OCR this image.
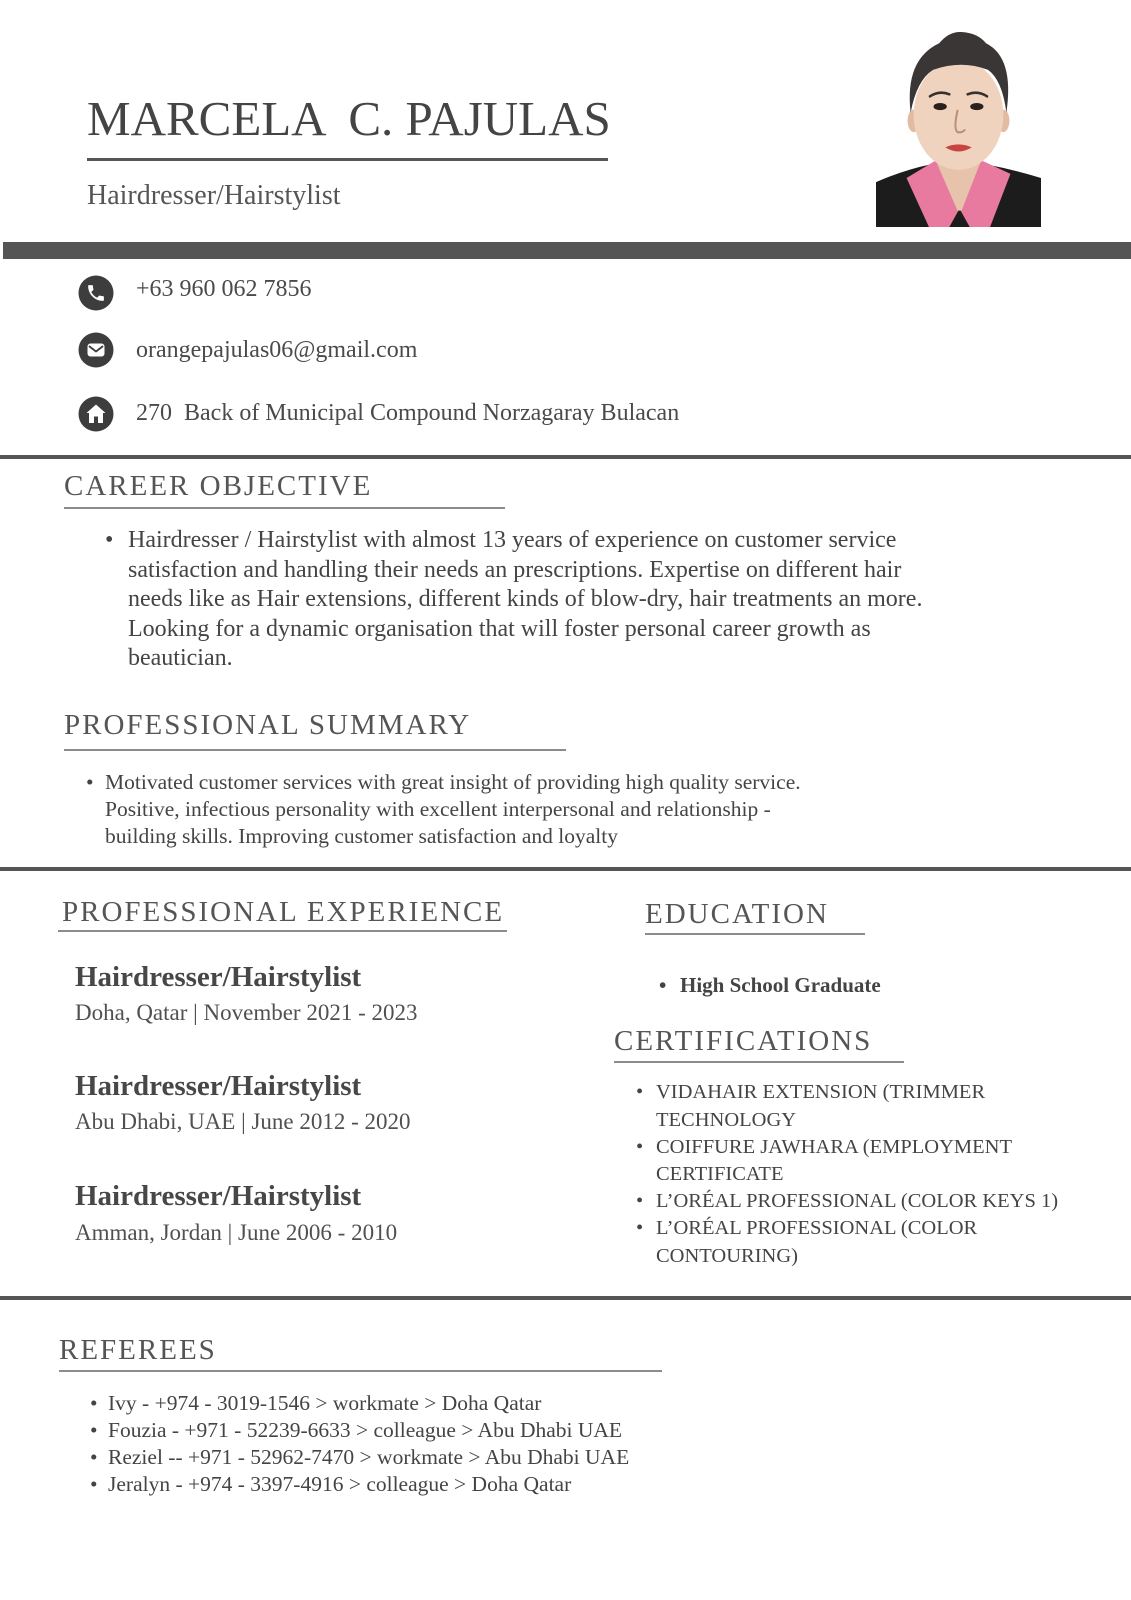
MARCELA  C. PAJULAS
Hairdresser/Hairstylist
+63 960 062 7856
orangepajulas06@gmail.com
270  Back of Municipal Compound Norzagaray Bulacan
CAREER OBJECTIVE
• Hairdresser / Hairstylist with almost 13 years of experience on customer service
satisfaction and handling their needs an prescriptions. Expertise on different hair
needs like as Hair extensions, different kinds of blow-dry, hair treatments an more.
Looking for a dynamic organisation that will foster personal career growth as
beautician.
PROFESSIONAL SUMMARY
• Motivated customer services with great insight of providing high quality service.
Positive, infectious personality with excellent interpersonal and relationship -
building skills. Improving customer satisfaction and loyalty
PROFESSIONAL EXPERIENCE
Hairdresser/Hairstylist
Doha, Qatar | November 2021 - 2023
Hairdresser/Hairstylist
Abu Dhabi, UAE | June 2012 - 2020
Hairdresser/Hairstylist
Amman, Jordan | June 2006 - 2010
EDUCATION
• High School Graduate
CERTIFICATIONS
• VIDAHAIR EXTENSION (TRIMMER TECHNOLOGY
• COIFFURE JAWHARA (EMPLOYMENT CERTIFICATE
• L’ORÉAL PROFESSIONAL (COLOR KEYS 1)
• L’ORÉAL PROFESSIONAL (COLOR CONTOURING)
REFEREES
• Ivy - +974 - 3019-1546 > workmate > Doha Qatar
• Fouzia - +971 - 52239-6633 > colleague > Abu Dhabi UAE
• Reziel -- +971 - 52962-7470 > workmate > Abu Dhabi UAE
• Jeralyn - +974 - 3397-4916 > colleague > Doha Qatar
